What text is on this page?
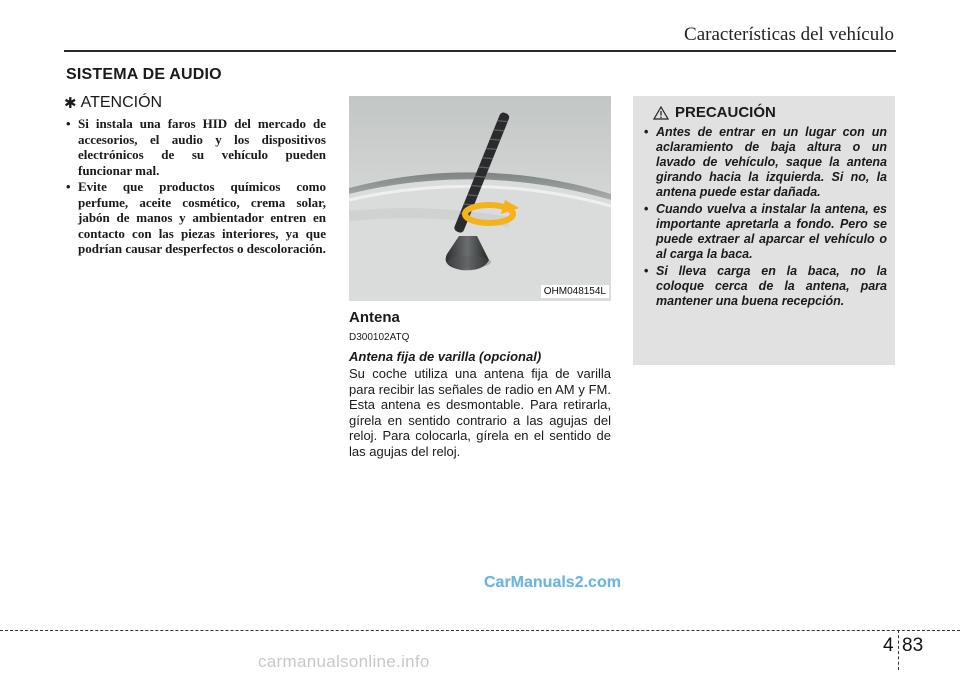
Características del vehículo
SISTEMA DE AUDIO
✱ ATENCIÓN
• Si instala una faros HID del mercado de accesorios, el audio y los dispositivos electrónicos de su vehículo pueden funcionar mal.
• Evite que productos químicos como perfume, aceite cosmético, crema solar, jabón de manos y ambientador entren en contacto con las piezas interiores, ya que podrían causar desperfectos o descoloración.
OHM048154L
Antena
D300102ATQ
Antena fija de varilla (opcional)

Su coche utiliza una antena fija de varilla para recibir las señales de radio en AM y FM. Esta antena es desmontable. Para retirarla, gírela en sentido contrario a las agujas del reloj. Para colocarla, gírela en el sentido de las agujas del reloj.

PRECAUCIÓN
• Antes de entrar en un lugar con un aclaramiento de baja altura o un lavado de vehículo, saque la antena girando hacia la izquierda. Si no, la antena puede estar dañada.
• Cuando vuelva a instalar la antena, es importante apretarla a fondo. Pero se puede extraer al aparcar el vehículo o al carga la baca.
• Si lleva carga en la baca, no la coloque cerca de la antena, para mantener una buena recepción.
CarManuals2.com
4 83
carmanualsonline.info
